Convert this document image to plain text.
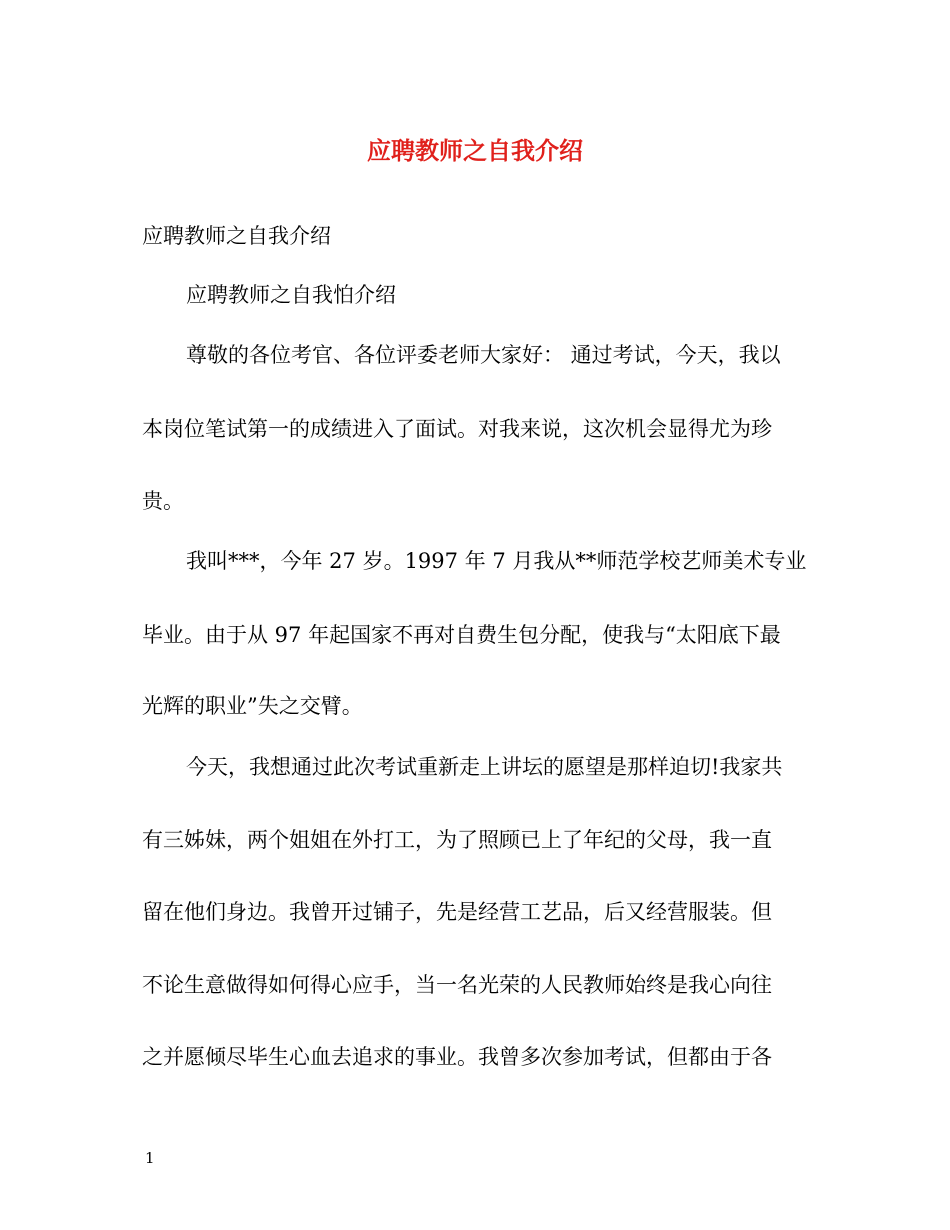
应聘教师之自我介绍

应聘教师之自我介绍

应聘教师之自我怕介绍

尊敬的各位考官、各位评委老师大家好： 通过考试，今天，我以

本岗位笔试第一的成绩进入了面试。对我来说，这次机会显得尤为珍

贵。

我叫***，今年 27 岁。1997 年 7 月我从**师范学校艺师美术专业

毕业。由于从 97 年起国家不再对自费生包分配，使我与“太阳底下最

光辉的职业”失之交臂。

今天，我想通过此次考试重新走上讲坛的愿望是那样迫切!我家共

有三姊妹，两个姐姐在外打工，为了照顾已上了年纪的父母，我一直

留在他们身边。我曾开过铺子，先是经营工艺品，后又经营服装。但

不论生意做得如何得心应手，当一名光荣的人民教师始终是我心向往

之并愿倾尽毕生心血去追求的事业。我曾多次参加考试，但都由于各

1
